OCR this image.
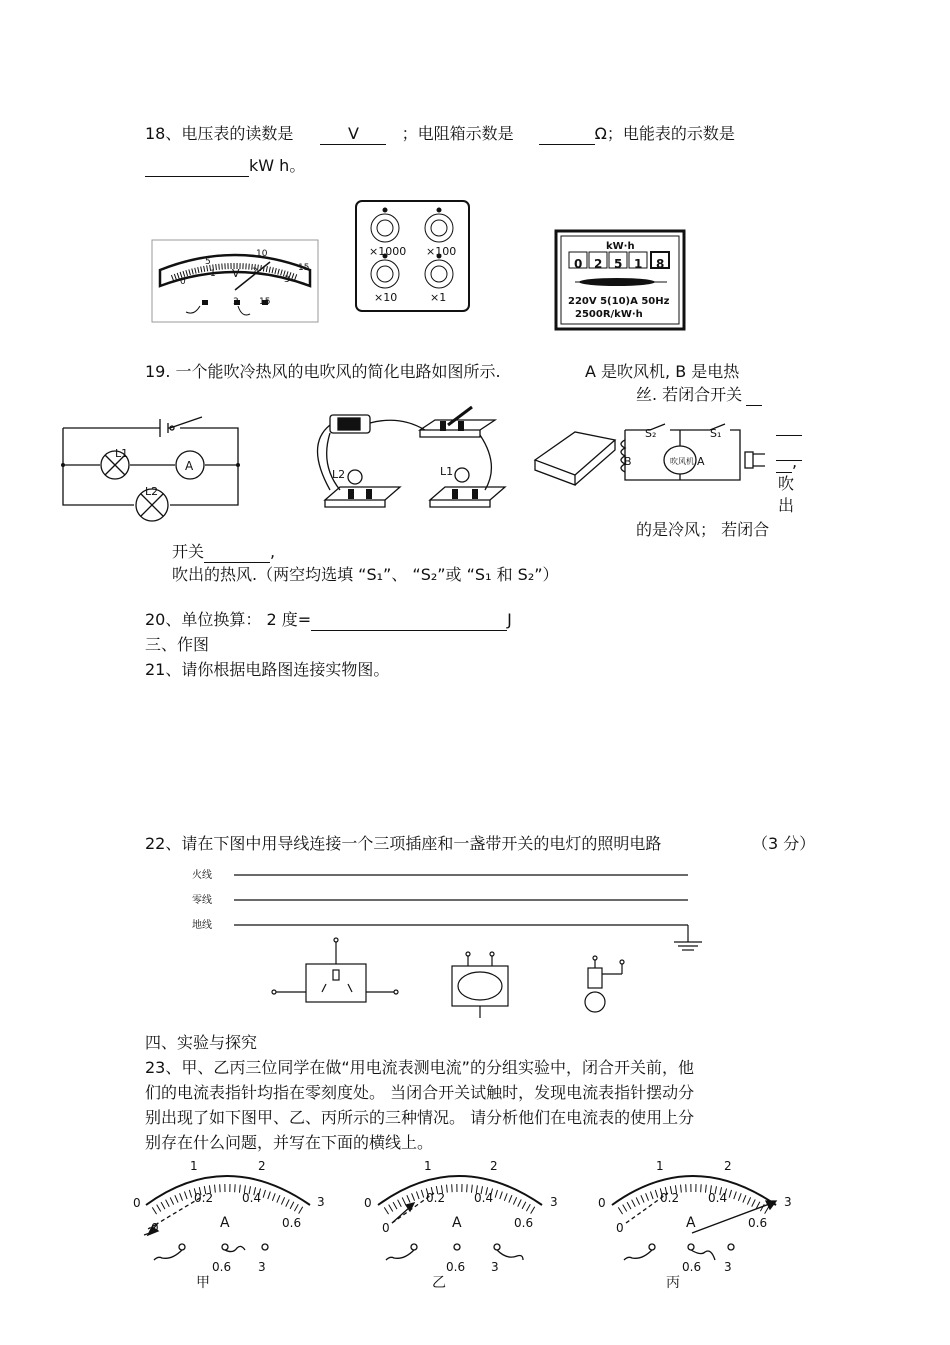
18、电压表的读数是	V	；电阻箱示数是	Ω；电能表的示数是
kW h。
5
10
15
0
1	2
3
V
-	3 15
×1000 ×100
×10	×1
kW·h
0 2 5 1 8
220V 5(10)A 50Hz
2500R/kW·h
19. 一个能吹冷热风的电吹风的简化电路如图所示.	A 是吹风机, B 是电热
丝. 若闭合开关

,
吹
出
的是冷风； 若闭合
开关	,
吹出的热风.（两空均选填 “S₁”、 “S₂”或 “S₁ 和 S₂”）
L1
A
L2
L2	L1
S₂	S₁
B	吹风机 A
20、单位换算： 2 度=	J
三、作图
21、请你根据电路图连接实物图。
22、请在下图中用导线连接一个三项插座和一盏带开关的电灯的照明电路	（3 分）
火线
零线
地线
四、实验与探究
23、甲、乙丙三位同学在做“用电流表测电流”的分组实验中，闭合开关前，他
们的电流表指针均指在零刻度处。 当闭合开关试触时，发现电流表指针摆动分
别出现了如下图甲、乙、丙所示的三种情况。 请分析他们在电流表的使用上分
别存在什么问题，并写在下面的横线上。
0
1	2
3
0
0.2 0.4
0.6
A
0.6 3
甲
0
1	2
3
0
0.2 0.4
0.6
A
0.6 3
乙
0
1	2
3
0
0.2 0.4
0.6
A
0.6 3
丙
